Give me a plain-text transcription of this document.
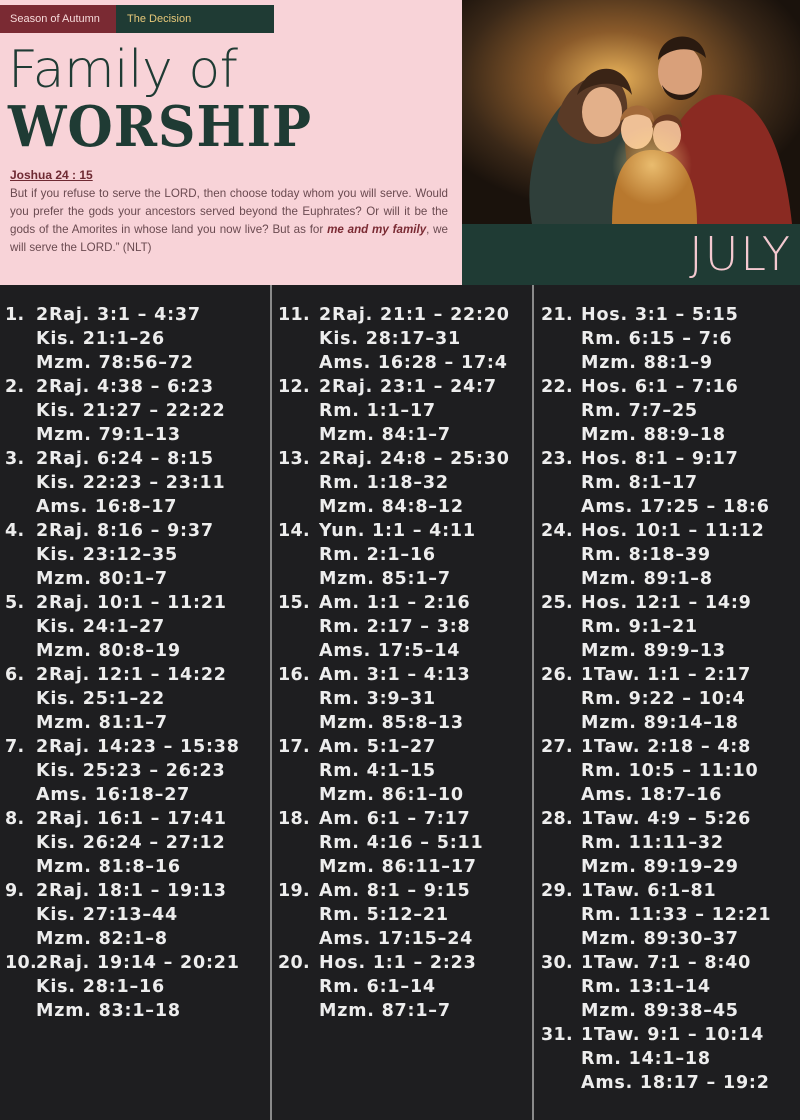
Season of Autumn	The Decision
Family of
WORSHIP
Joshua 24 : 15
But if you refuse to serve the LORD, then choose today whom you will serve. Would you prefer the gods your ancestors served beyond the Euphrates? Or will it be the gods of the Amorites in whose land you now live? But as for me and my family, we will serve the LORD.” (NLT)	JULY
1. 2Raj. 3:1 – 4:37
Kis. 21:1–26
Mzm. 78:56–72
2. 2Raj. 4:38 – 6:23
Kis. 21:27 – 22:22
Mzm. 79:1–13
3. 2Raj. 6:24 – 8:15
Kis. 22:23 – 23:11
Ams. 16:8–17
4. 2Raj. 8:16 – 9:37
Kis. 23:12–35
Mzm. 80:1–7
5. 2Raj. 10:1 – 11:21
Kis. 24:1–27
Mzm. 80:8–19
6. 2Raj. 12:1 – 14:22
Kis. 25:1–22
Mzm. 81:1–7
7. 2Raj. 14:23 – 15:38
Kis. 25:23 – 26:23
Ams. 16:18–27
8. 2Raj. 16:1 – 17:41
Kis. 26:24 – 27:12
Mzm. 81:8–16
9. 2Raj. 18:1 – 19:13
Kis. 27:13–44
Mzm. 82:1–8
10. 2Raj. 19:14 – 20:21
Kis. 28:1–16
Mzm. 83:1–18
11. 2Raj. 21:1 – 22:20
Kis. 28:17–31
Ams. 16:28 – 17:4
12. 2Raj. 23:1 – 24:7
Rm. 1:1–17
Mzm. 84:1–7
13. 2Raj. 24:8 – 25:30
Rm. 1:18–32
Mzm. 84:8–12
14. Yun. 1:1 – 4:11
Rm. 2:1–16
Mzm. 85:1–7
15. Am. 1:1 – 2:16
Rm. 2:17 – 3:8
Ams. 17:5–14
16. Am. 3:1 – 4:13
Rm. 3:9–31
Mzm. 85:8–13
17. Am. 5:1–27
Rm. 4:1–15
Mzm. 86:1–10
18. Am. 6:1 – 7:17
Rm. 4:16 – 5:11
Mzm. 86:11–17
19. Am. 8:1 – 9:15
Rm. 5:12–21
Ams. 17:15–24
20. Hos. 1:1 – 2:23
Rm. 6:1–14
Mzm. 87:1–7
21. Hos. 3:1 – 5:15
Rm. 6:15 – 7:6
Mzm. 88:1–9
22. Hos. 6:1 – 7:16
Rm. 7:7–25
Mzm. 88:9–18
23. Hos. 8:1 – 9:17
Rm. 8:1–17
Ams. 17:25 – 18:6
24. Hos. 10:1 – 11:12
Rm. 8:18–39
Mzm. 89:1–8
25. Hos. 12:1 – 14:9
Rm. 9:1–21
Mzm. 89:9–13
26. 1Taw. 1:1 – 2:17
Rm. 9:22 – 10:4
Mzm. 89:14–18
27. 1Taw. 2:18 – 4:8
Rm. 10:5 – 11:10
Ams. 18:7–16
28. 1Taw. 4:9 – 5:26
Rm. 11:11–32
Mzm. 89:19–29
29. 1Taw. 6:1–81
Rm. 11:33 – 12:21
Mzm. 89:30–37
30. 1Taw. 7:1 – 8:40
Rm. 13:1–14
Mzm. 89:38–45
31. 1Taw. 9:1 – 10:14
Rm. 14:1–18
Ams. 18:17 – 19:2
